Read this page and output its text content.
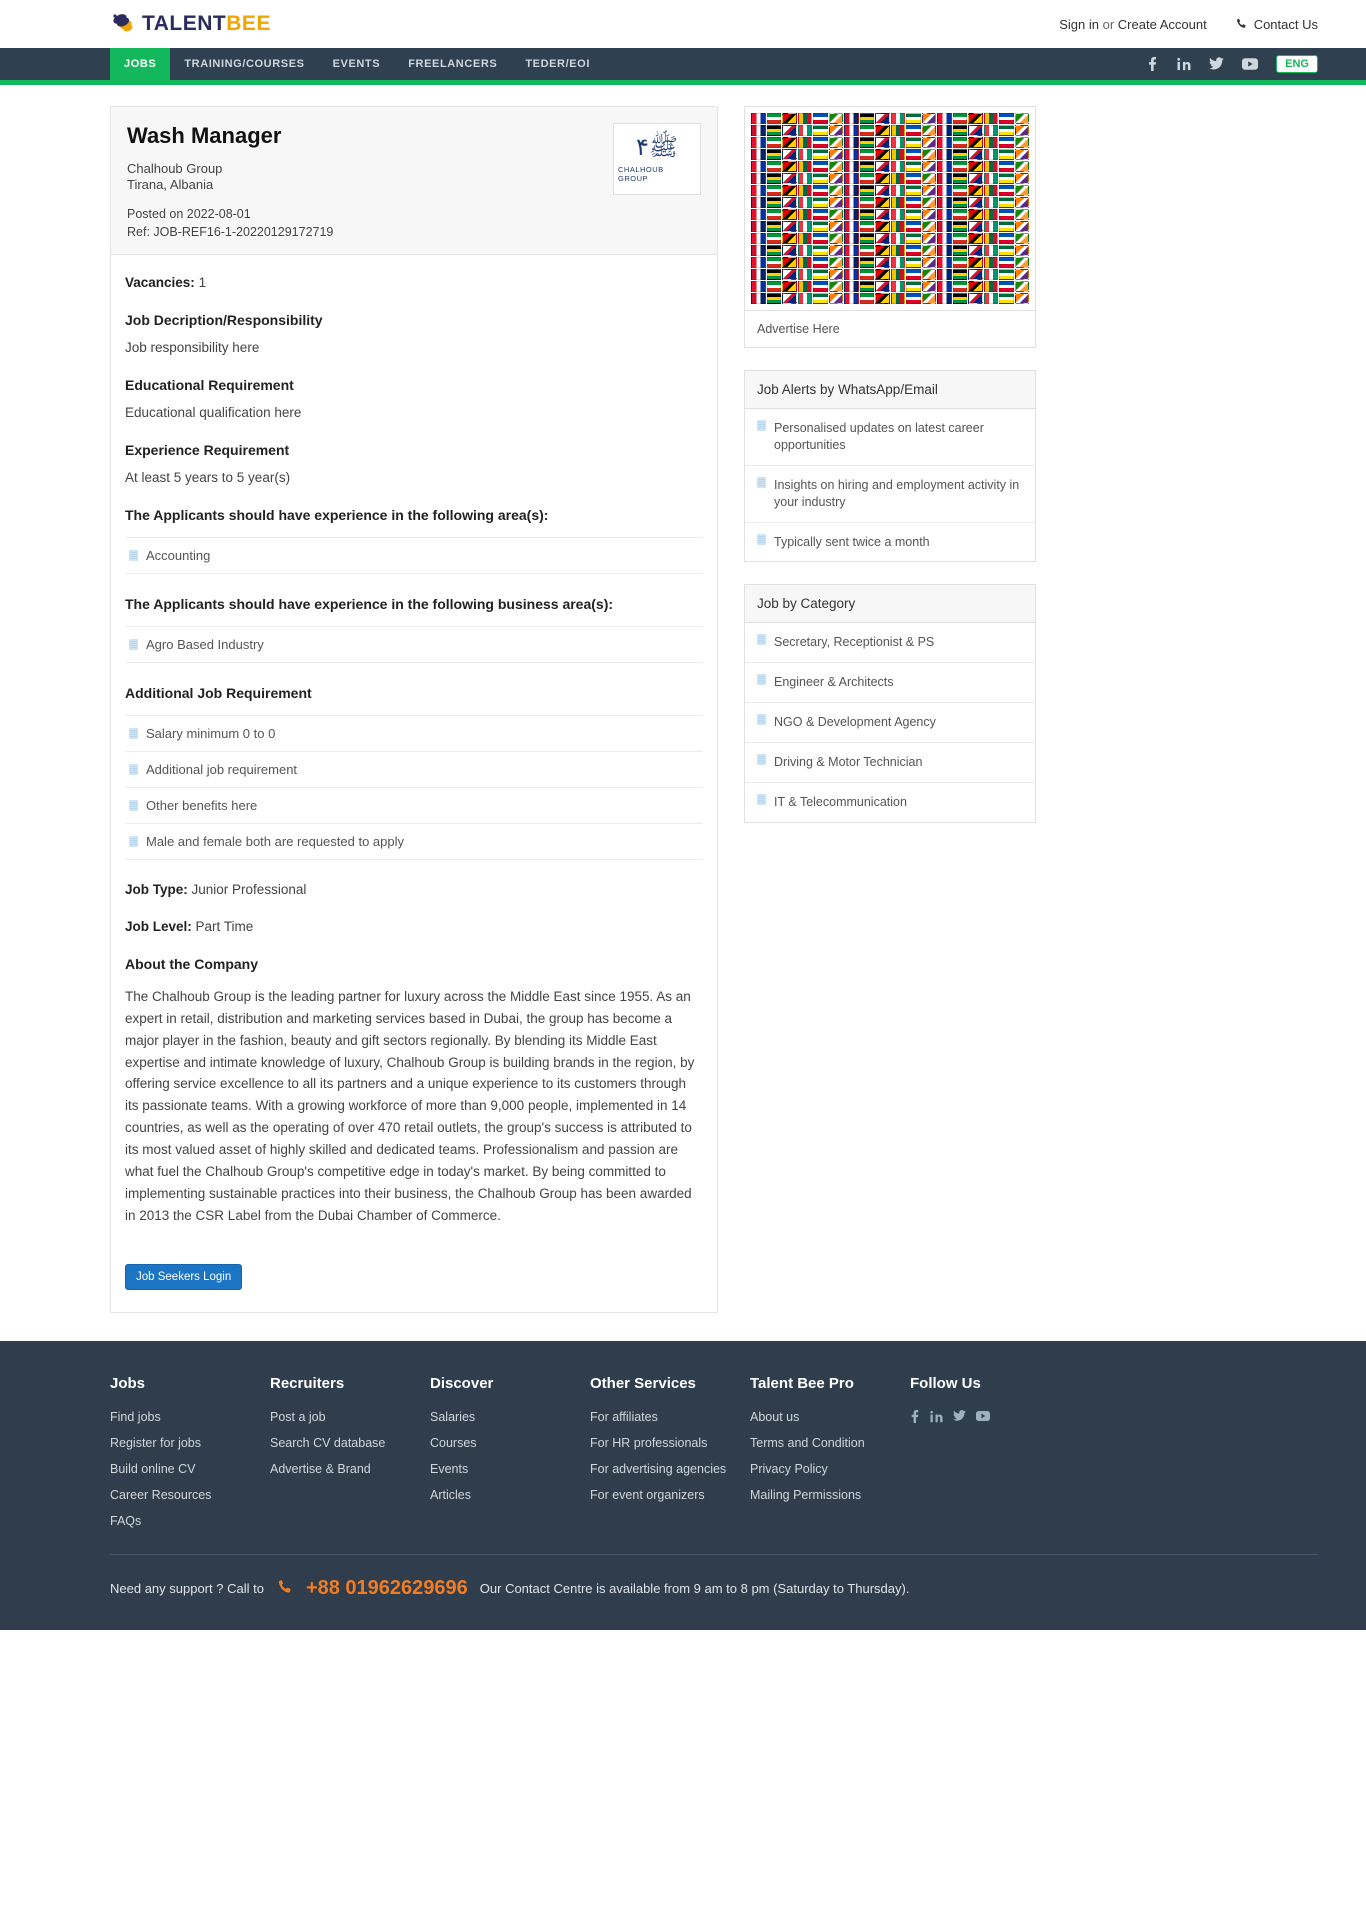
TALENTBEE	Sign in or Create Account	Contact Us
JOBS	TRAINING/COURSES	EVENTS	FREELANCERS	TEDER/EOI	ENG
Wash Manager
Chalhoub Group
Tirana, Albania
Posted on 2022-08-01
Ref: JOB-REF16-1-20220129172719
۴ﷺ
CHALHOUB GROUP
Vacancies: 1
Job Decription/Responsibility

Job responsibility here

Educational Requirement

Educational qualification here

Experience Requirement

At least 5 years to 5 year(s)

The Applicants should have experience in the following area(s):
Accounting
The Applicants should have experience in the following business area(s):
Agro Based Industry
Additional Job Requirement
Salary minimum 0 to 0
Additional job requirement
Other benefits here
Male and female both are requested to apply
Job Type: Junior Professional
Job Level: Part Time
About the Company

The Chalhoub Group is the leading partner for luxury across the Middle East since 1955. As an expert in retail, distribution and marketing services based in Dubai, the group has become a major player in the fashion, beauty and gift sectors regionally. By blending its Middle East expertise and intimate knowledge of luxury, Chalhoub Group is building brands in the region, by offering service excellence to all its partners and a unique experience to its customers through its passionate teams. With a growing workforce of more than 9,000 people, implemented in 14 countries, as well as the operating of over 470 retail outlets, the group's success is attributed to its most valued asset of highly skilled and dedicated teams. Professionalism and passion are what fuel the Chalhoub Group's competitive edge in today's market. By being committed to implementing sustainable practices into their business, the Chalhoub Group has been awarded in 2013 the CSR Label from the Dubai Chamber of Commerce.

Job Seekers Login
Advertise Here
Job Alerts by WhatsApp/Email
Personalised updates on latest career opportunities
Insights on hiring and employment activity in your industry
Typically sent twice a month
Job by Category
Secretary, Receptionist & PS
Engineer & Architects
NGO & Development Agency
Driving & Motor Technician
IT & Telecommunication
Jobs
Find jobs
Register for jobs
Build online CV
Career Resources
FAQs
Recruiters
Post a job
Search CV database
Advertise & Brand
Discover
Salaries
Courses
Events
Articles
Other Services
For affiliates
For HR professionals
For advertising agencies
For event organizers
Talent Bee Pro
About us
Terms and Condition
Privacy Policy
Mailing Permissions
Follow Us
Need any support ? Call to +88 01962629696 Our Contact Centre is available from 9 am to 8 pm (Saturday to Thursday).
